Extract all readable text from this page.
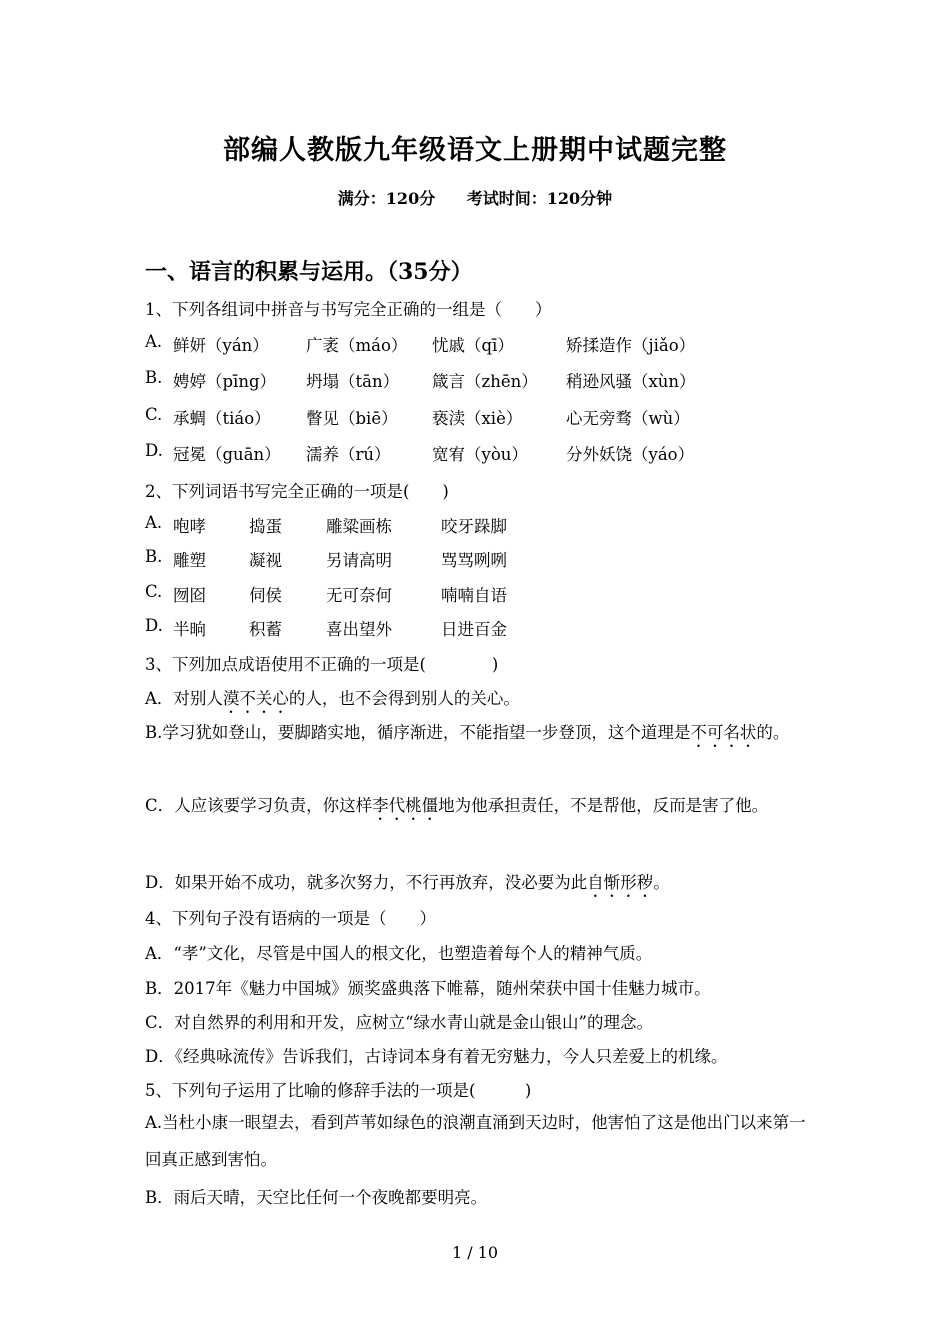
部编人教版九年级语文上册期中试题完整
满分：120分 考试时间：120分钟
一、语言的积累与运用。（35分）
1、下列各组词中拼音与书写完全正确的一组是（　　）
A. 鲜妍（yán） 广袤（máo） 忧戚（qī）	矫揉造作（jiǎo）
B. 娉婷（pīng） 坍塌（tān） 箴言（zhēn） 稍逊风骚（xùn）
C. 承蜩（tiáo） 瞥见（biē） 亵渎（xiè）	心无旁骛（wù）
D. 冠冕（guān） 濡养（rú）	宽宥（yòu） 分外妖饶（yáo）
2、下列词语书写完全正确的一项是(　　)
A. 咆哮	捣蛋	雕粱画栋	咬牙跺脚
B. 雕塑	凝视	另请高明	骂骂咧咧
C. 囫囵	伺侯	无可奈何	喃喃自语
D. 半晌	积蓄	喜出望外	日进百金
3、下列加点成语使用不正确的一项是(　　　　)
A．对别人漠不关心的人，也不会得到别人的关心。
B.学习犹如登山，要脚踏实地，循序渐进，不能指望一步登顶，这个道理是不可名状的。
C．人应该要学习负责，你这样李代桃僵地为他承担责任，不是帮他，反而是害了他。
D．如果开始不成功，就多次努力，不行再放弃，没必要为此自惭形秽。
4、下列句子没有语病的一项是（　　）
A．“孝”文化，尽管是中国人的根文化，也塑造着每个人的精神气质。
B．2017年《魅力中国城》颁奖盛典落下帷幕，随州荣获中国十佳魅力城市。
C．对自然界的利用和开发，应树立“绿水青山就是金山银山”的理念。
D．《经典咏流传》告诉我们，古诗词本身有着无穷魅力，今人只差爱上的机缘。
5、下列句子运用了比喻的修辞手法的一项是(　　　)
A.当杜小康一眼望去，看到芦苇如绿色的浪潮直涌到天边时，他害怕了这是他出门以来第一回真正感到害怕。
B．雨后天晴，天空比任何一个夜晚都要明亮。
1 / 10
